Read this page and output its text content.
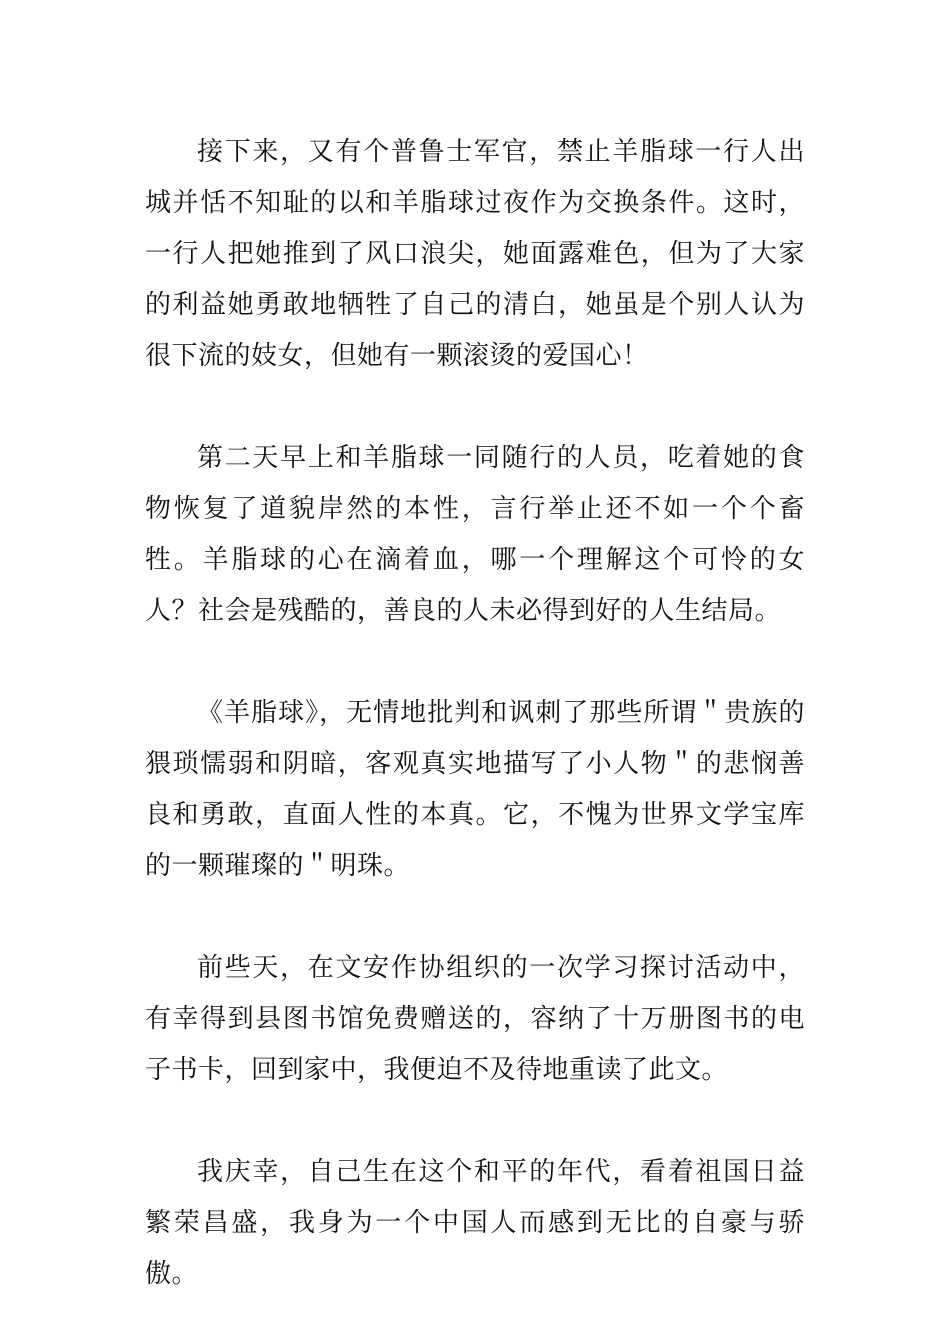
接下来，又有个普鲁士军官，禁止羊脂球一行人出城并恬不知耻的以和羊脂球过夜作为交换条件。这时，一行人把她推到了风口浪尖，她面露难色，但为了大家的利益她勇敢地牺牲了自己的清白，她虽是个别人认为很下流的妓女，但她有一颗滚烫的爱国心！

第二天早上和羊脂球一同随行的人员，吃着她的食物恢复了道貌岸然的本性，言行举止还不如一个个畜牲。羊脂球的心在滴着血，哪一个理解这个可怜的女人？社会是残酷的，善良的人未必得到好的人生结局。

《羊脂球》，无情地批判和讽刺了那些所谓＂贵族的猥琐懦弱和阴暗，客观真实地描写了小人物＂的悲悯善良和勇敢，直面人性的本真。它，不愧为世界文学宝库的一颗璀璨的＂明珠。

前些天，在文安作协组织的一次学习探讨活动中，有幸得到县图书馆免费赠送的，容纳了十万册图书的电子书卡，回到家中，我便迫不及待地重读了此文。

我庆幸，自己生在这个和平的年代，看着祖国日益繁荣昌盛，我身为一个中国人而感到无比的自豪与骄傲。
